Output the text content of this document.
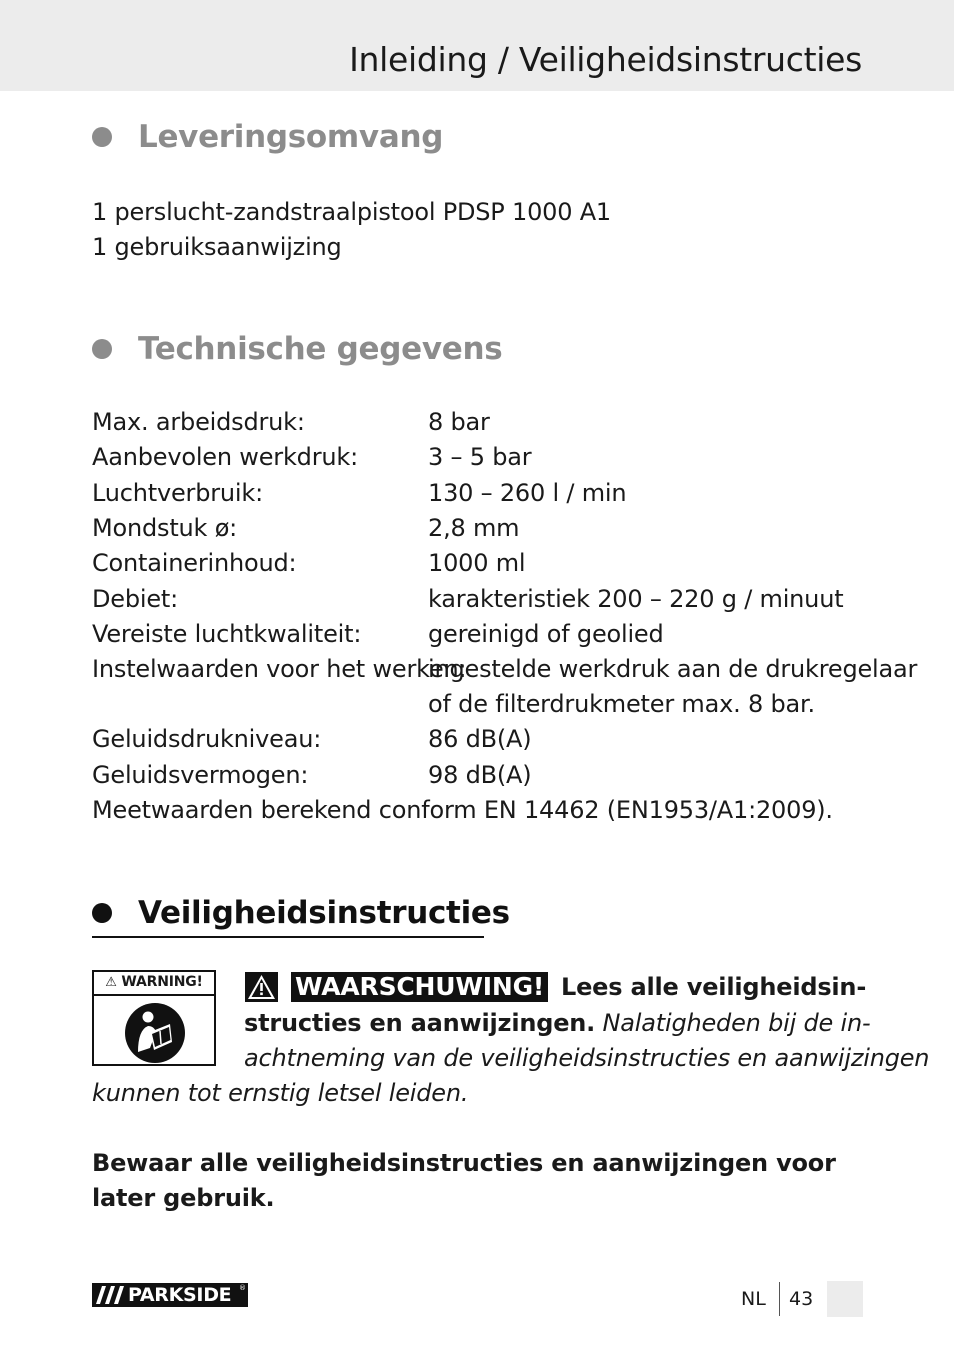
Inleiding / Veiligheidsinstructies
Leveringsomvang
1 perslucht-zandstraalpistool PDSP 1000 A1
1 gebruiksaanwijzing
Technische gegevens
Max. arbeidsdruk:	8 bar
Aanbevolen werkdruk:	3 – 5 bar
Luchtverbruik:	130 – 260 l / min
Mondstuk ø:	2,8 mm
Containerinhoud:	1000 ml
Debiet:	karakteristiek 200 – 220 g / minuut
Vereiste luchtkwaliteit:	gereinigd of geolied
Instelwaarden voor het werken:
ingestelde werkdruk aan de drukregelaar
of de filterdrukmeter max. 8 bar.
Geluidsdrukniveau:	86 dB(A)
Geluidsvermogen:	98 dB(A)
Meetwaarden berekend conform EN 14462 (EN1953/A1:2009).
Veiligheidsinstructies
⚠ WARNING!	WAARSCHUWING! Lees alle veiligheidsin-
structies en aanwijzingen. Nalatigheden bij de in-
achtneming van de veiligheidsinstructies en aanwijzingen
kunnen tot ernstig letsel leiden.
Bewaar alle veiligheidsinstructies en aanwijzingen voor
later gebruik.
PARKSIDE ®	NL 43
